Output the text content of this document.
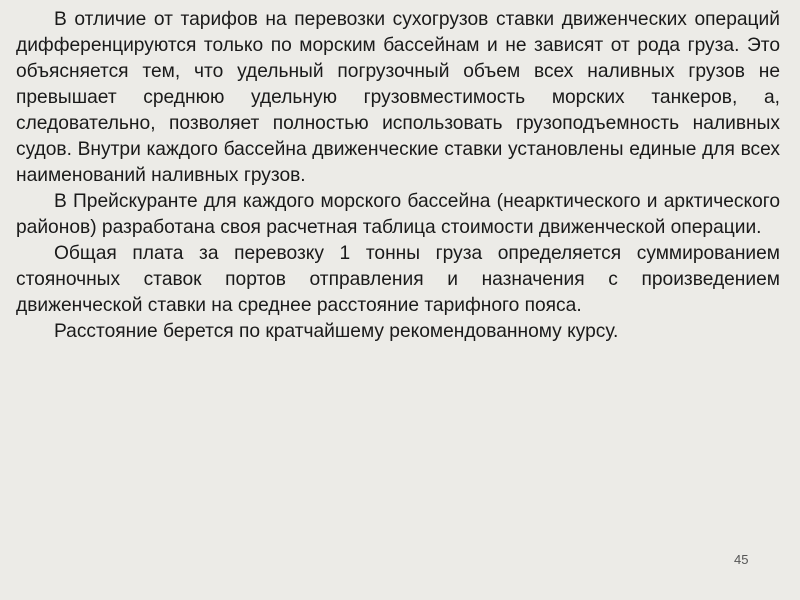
В отличие от тарифов на перевозки сухогрузов ставки движенческих операций дифференцируются только по морским бассейнам и не зависят от рода груза. Это объясняется тем, что удельный погрузочный объем всех наливных грузов не превышает среднюю удельную грузовместимость морских танкеров, а, следовательно, позволяет полностью использовать грузоподъемность наливных судов. Внутри каждого бассейна движенческие ставки установлены единые для всех наименований наливных грузов.

В Прейскуранте для каждого морского бассейна (неарктического и арктического районов) разработана своя расчетная таблица стоимости движенческой операции.

Общая плата за перевозку 1 тонны груза определяется суммированием стояночных ставок портов отправления и назначения с произведением движенческой ставки на среднее расстояние тарифного пояса.

Расстояние берется по кратчайшему рекомендованному курсу.

45
